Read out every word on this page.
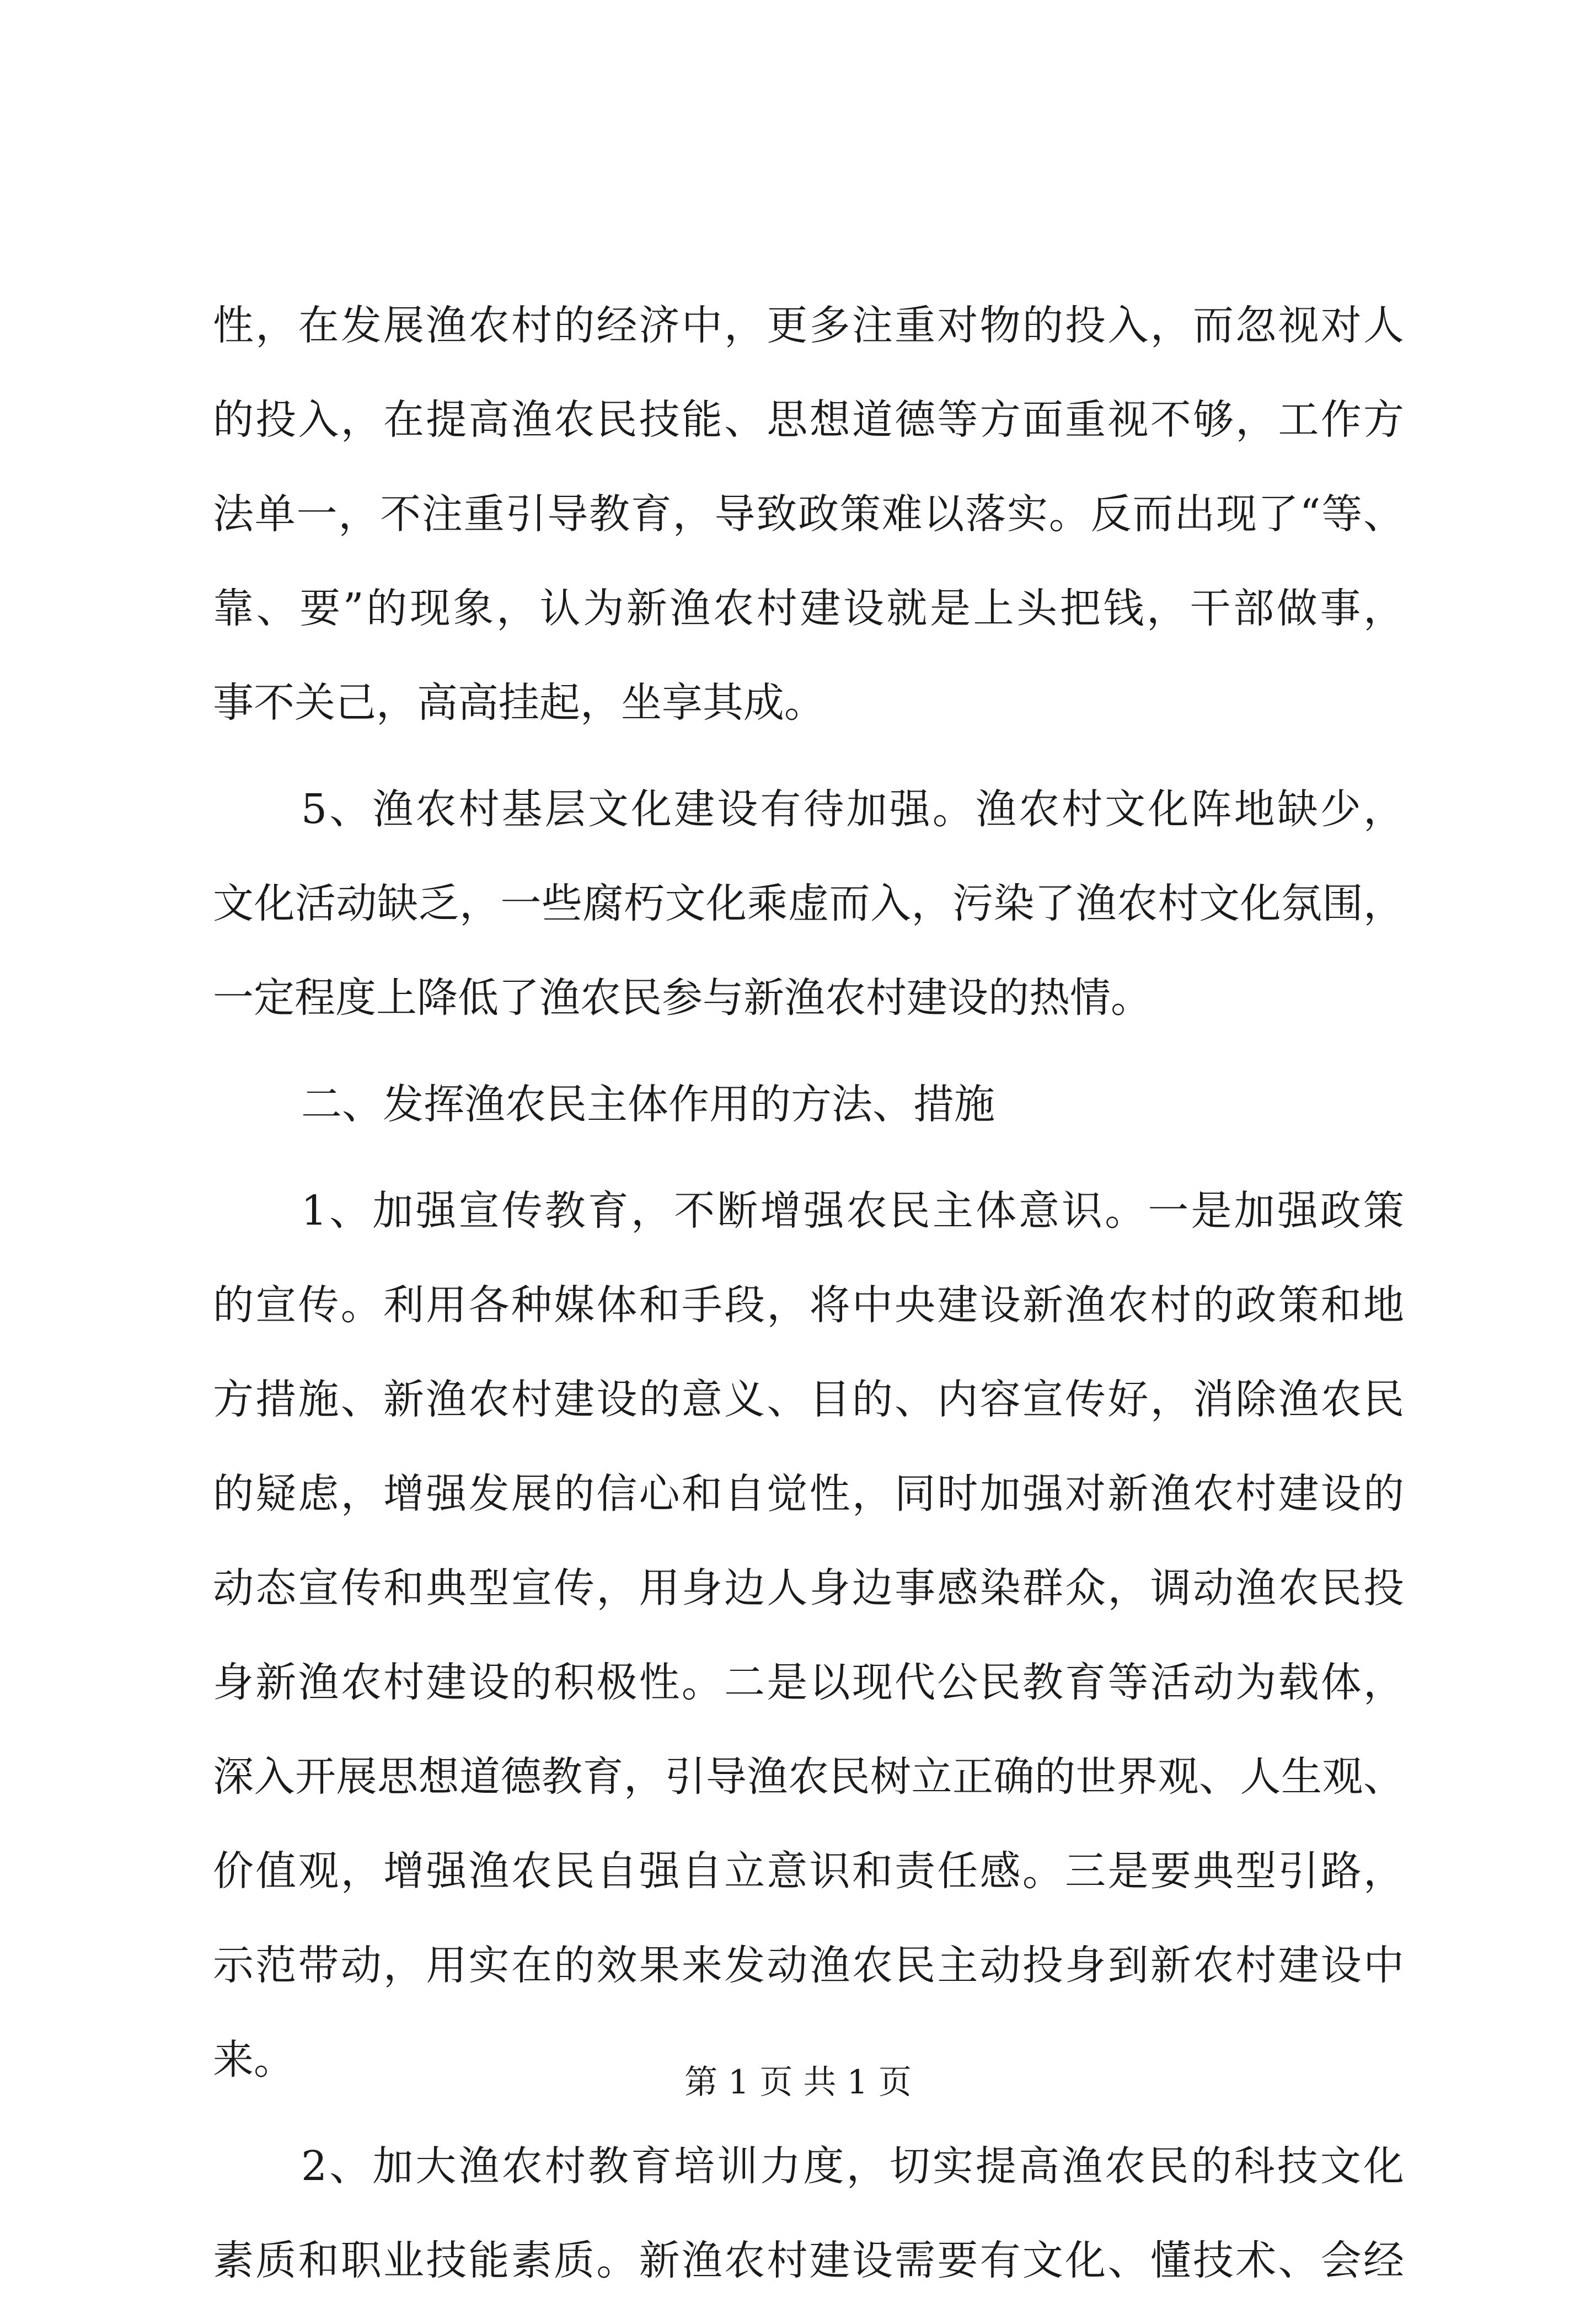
性，在发展渔农村的经济中，更多注重对物的投入，而忽视对人
的投入，在提高渔农民技能、思想道德等方面重视不够，工作方
法单一，不注重引导教育，导致政策难以落实。反而出现了“等、
靠、要”的现象，认为新渔农村建设就是上头把钱，干部做事，
事不关己，高高挂起，坐享其成。
5、渔农村基层文化建设有待加强。渔农村文化阵地缺少，
文化活动缺乏，一些腐朽文化乘虚而入，污染了渔农村文化氛围，
一定程度上降低了渔农民参与新渔农村建设的热情。
二、发挥渔农民主体作用的方法、措施
1、加强宣传教育，不断增强农民主体意识。一是加强政策
的宣传。利用各种媒体和手段，将中央建设新渔农村的政策和地
方措施、新渔农村建设的意义、目的、内容宣传好，消除渔农民
的疑虑，增强发展的信心和自觉性，同时加强对新渔农村建设的
动态宣传和典型宣传，用身边人身边事感染群众，调动渔农民投
身新渔农村建设的积极性。二是以现代公民教育等活动为载体，
深入开展思想道德教育，引导渔农民树立正确的世界观、人生观、
价值观，增强渔农民自强自立意识和责任感。三是要典型引路，
示范带动，用实在的效果来发动渔农民主动投身到新农村建设中
来。
2、加大渔农村教育培训力度，切实提高渔农民的科技文化
素质和职业技能素质。新渔农村建设需要有文化、懂技术、会经
第 1 页 共 1 页
